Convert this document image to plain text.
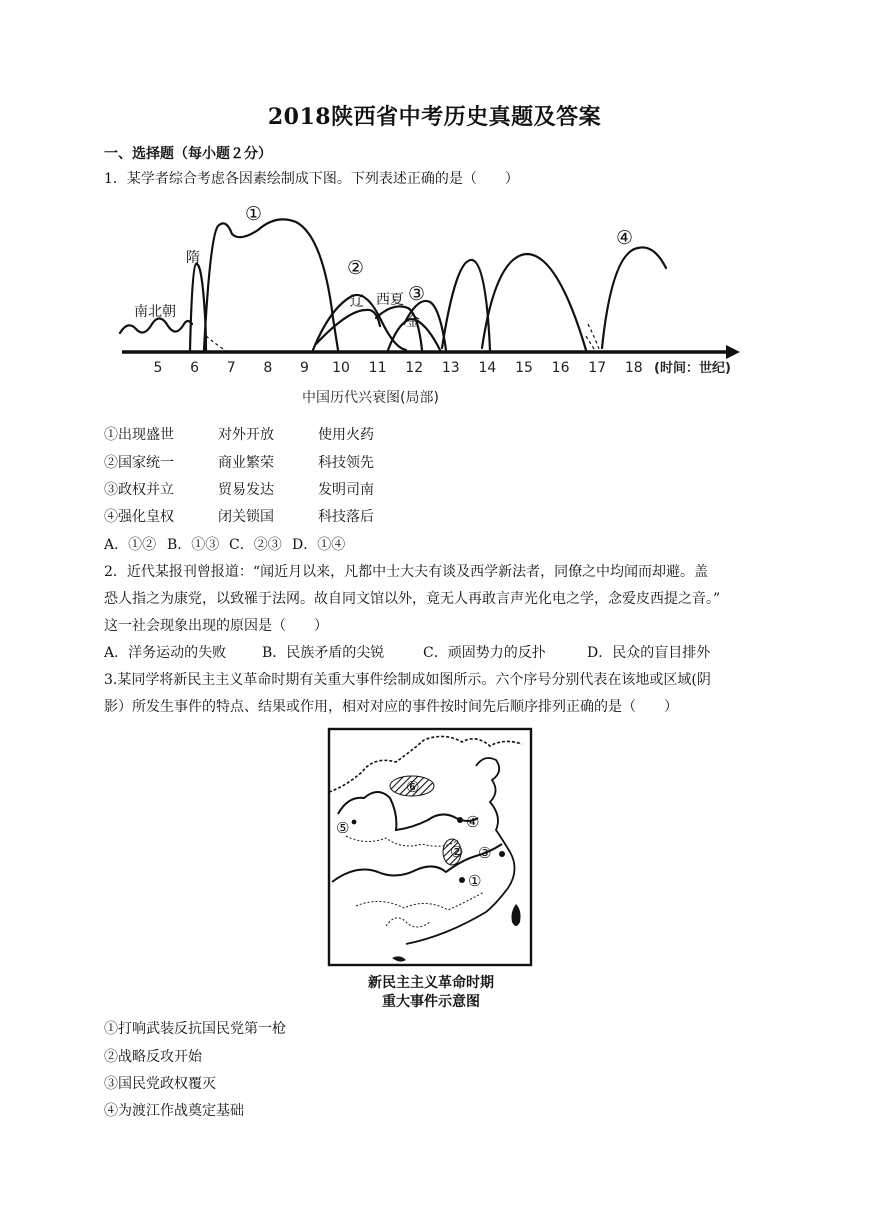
2018陕西省中考历史真题及答案
一、选择题（每小题２分）
1．某学者综合考虑各因素绘制成下图。下列表述正确的是（　　）
5 6 7 8 9 10 11 12 13 14 15 16 17 18 (时间：世纪)
南北朝
隋
辽 西夏
金
①
②
③
④
中国历代兴衰图(局部)
①出现盛世	对外开放	使用火药
②国家统一	商业繁荣	科技领先
③政权并立	贸易发达	发明司南
④强化皇权	闭关锁国	科技落后
A．①② B．①③ C．②③ D．①④
2．近代某报刊曾报道：“闻近月以来，凡都中士大夫有谈及西学新法者，同僚之中均闻而却避。盖
恐人指之为康党，以致罹于法网。故自同文馆以外，竟无人再敢言声光化电之学，念爱皮西提之音。”
这一社会现象出现的原因是（　　）
A．洋务运动的失败	B．民族矛盾的尖锐	C．顽固势力的反扑	D．民众的盲目排外
3.某同学将新民主主义革命时期有关重大事件绘制成如图所示。六个序号分别代表在该地或区域(阴
影）所发生事件的特点、结果或作用，相对对应的事件按时间先后顺序排列正确的是（　　）
⑥
⑤	④
② ③
①
新民主主义革命时期
重大事件示意图
①打响武装反抗国民党第一枪
②战略反攻开始
③国民党政权覆灭
④为渡江作战奠定基础
